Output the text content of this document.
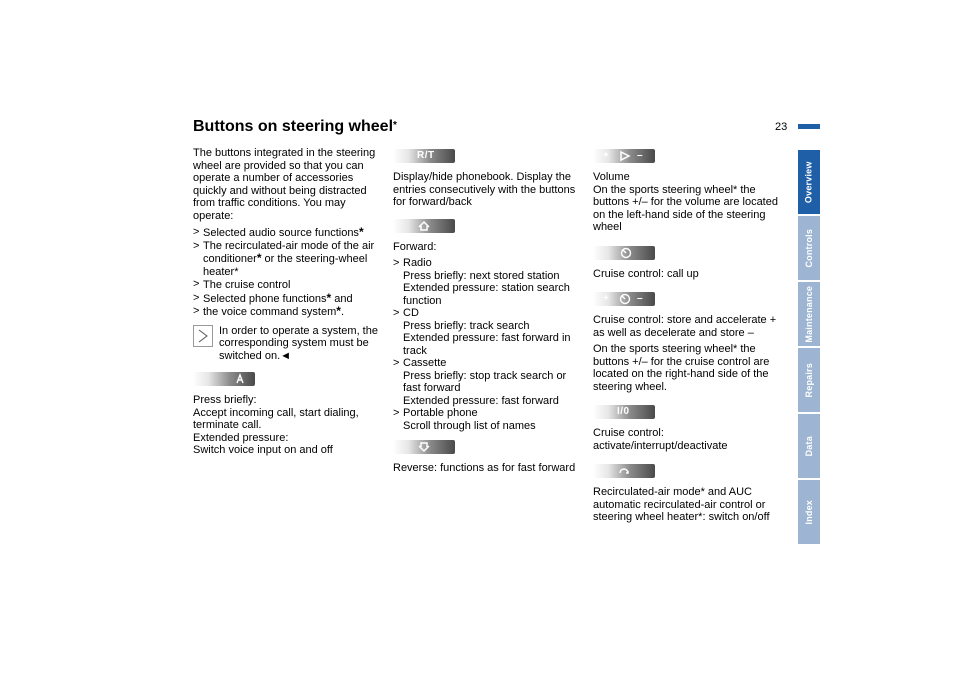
Buttons on steering wheel*	23
Overview
Controls
Maintenance
Repairs
Data
Index

The buttons integrated in the steering wheel are provided so that you can operate a number of accessories quickly and without being distracted from traffic conditions. You may operate:

> Selected audio source functions*
> The recirculated-air mode of the air conditioner* or the steering-wheel heater*
> The cruise control
> Selected phone functions* and
> the voice command system*.
In order to operate a system, the corresponding system must be switched on.◄
Press briefly:
Accept incoming call, start dialing, terminate call.
Extended pressure:
Switch voice input on and off
R/T

Display/hide phonebook. Display the entries consecutively with the buttons for forward/back

Forward:

> Radio
Press briefly: next stored station
Extended pressure: station search function
> CD
Press briefly: track search
Extended pressure: fast forward in track
> Cassette
Press briefly: stop track search or fast forward
Extended pressure: fast forward
> Portable phone
Scroll through list of names

Reverse: functions as for fast forward

+	–

Volume

On the sports steering wheel* the buttons +/– for the volume are located on the left-hand side of the steering wheel

Cruise control: call up

+	–

Cruise control: store and accelerate + as well as decelerate and store –

On the sports steering wheel* the buttons +/– for the cruise control are located on the right-hand side of the steering wheel.

I/0

Cruise control: activate/interrupt/deactivate

Recirculated-air mode* and AUC automatic recirculated-air control or steering wheel heater*: switch on/off
